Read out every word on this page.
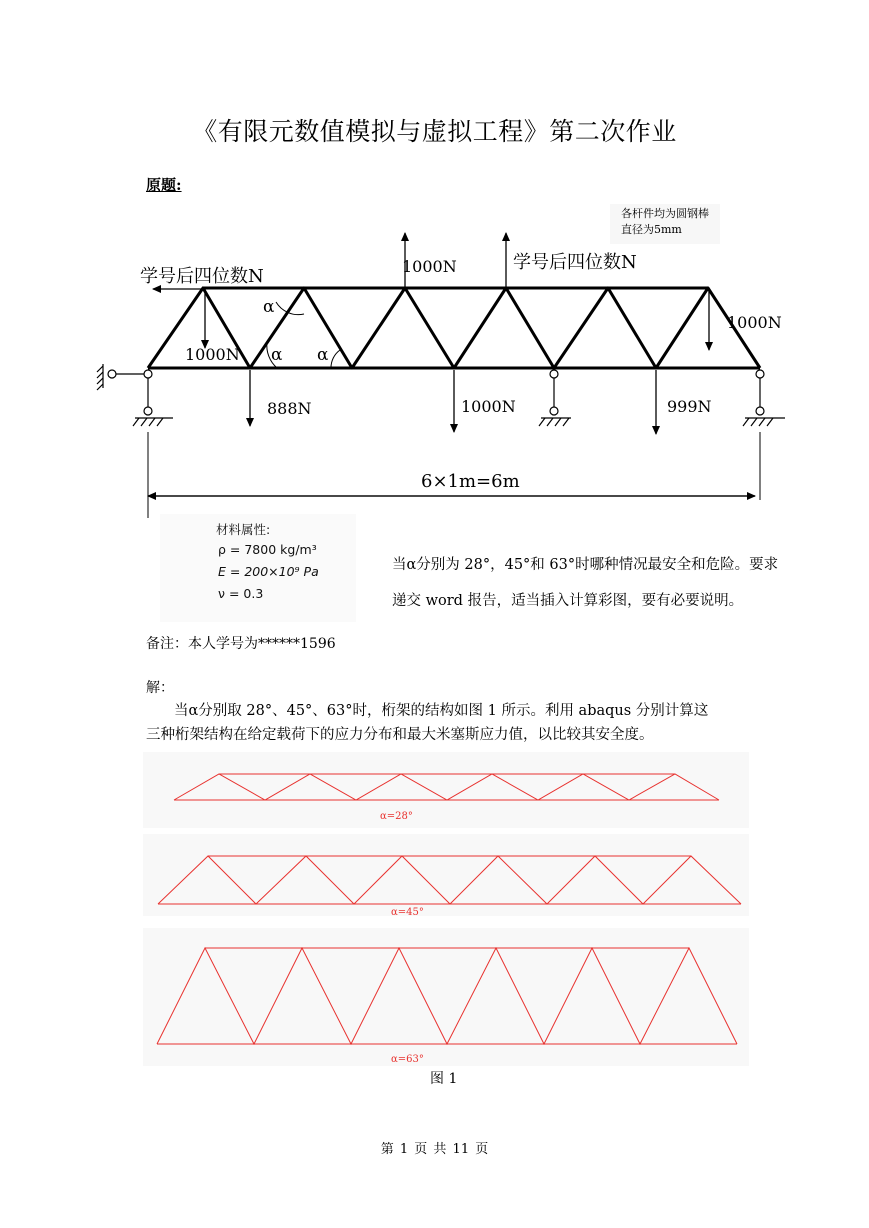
《有限元数值模拟与虚拟工程》第二次作业
原题:
各杆件均为圆钢棒
直径为5mm
学号后四位数N	1000N	学号后四位数N
1000N
1000N
α
α α
888N	1000N	999N
6×1m=6m
材料属性:
ρ = 7800 kg/m³
E = 200×10⁹ Pa
ν = 0.3
当α分别为 28°，45°和 63°时哪种情况最安全和危险。要求
递交 word 报告，适当插入计算彩图，要有必要说明。
备注：本人学号为******1596
解：
当α分别取 28°、45°、63°时，桁架的结构如图 1 所示。利用 abaqus 分别计算这
三种桁架结构在给定载荷下的应力分布和最大米塞斯应力值，以比较其安全度。
α=28°
α=45°
α=63°
图 1
第 1 页 共 11 页
